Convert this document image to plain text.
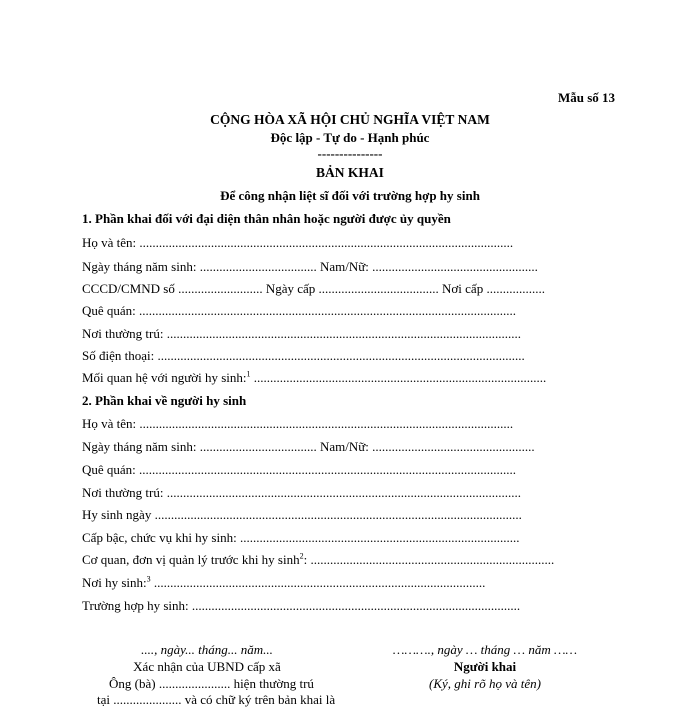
Mẫu số 13
CỘNG HÒA XÃ HỘI CHỦ NGHĨA VIỆT NAM
Độc lập - Tự do - Hạnh phúc
---------------
BẢN KHAI
Để công nhận liệt sĩ đối với trường hợp hy sinh
1. Phần khai đối với đại diện thân nhân hoặc người được ủy quyền
Họ và tên: ...................................................................................................................
Ngày tháng năm sinh: .................................... Nam/Nữ: ...................................................
CCCD/CMND số .......................... Ngày cấp ..................................... Nơi cấp ..................
Quê quán: ....................................................................................................................
Nơi thường trú: .............................................................................................................
Số điện thoại: .................................................................................................................
Mối quan hệ với người hy sinh:$^1$ ..........................................................................................
2. Phần khai về người hy sinh
Họ và tên: ...................................................................................................................
Ngày tháng năm sinh: .................................... Nam/Nữ: ..................................................
Quê quán: ....................................................................................................................
Nơi thường trú: .............................................................................................................
Hy sinh ngày .................................................................................................................
Cấp bậc, chức vụ khi hy sinh: ......................................................................................
Cơ quan, đơn vị quản lý trước khi hy $\sinh^2$: ...........................................................................
Nơi hy sinh:$^3$ ......................................................................................................
Trường hợp hy sinh: .....................................................................................................
...., ngày... tháng... năm...
Xác nhận của UBND cấp xã
Ông (bà) ...................... hiện thường trú
tại ..................... và có chữ ký trên bản khai là
………., ngày … tháng … năm ……
Người khai
(Ký, ghi rõ họ và tên)
